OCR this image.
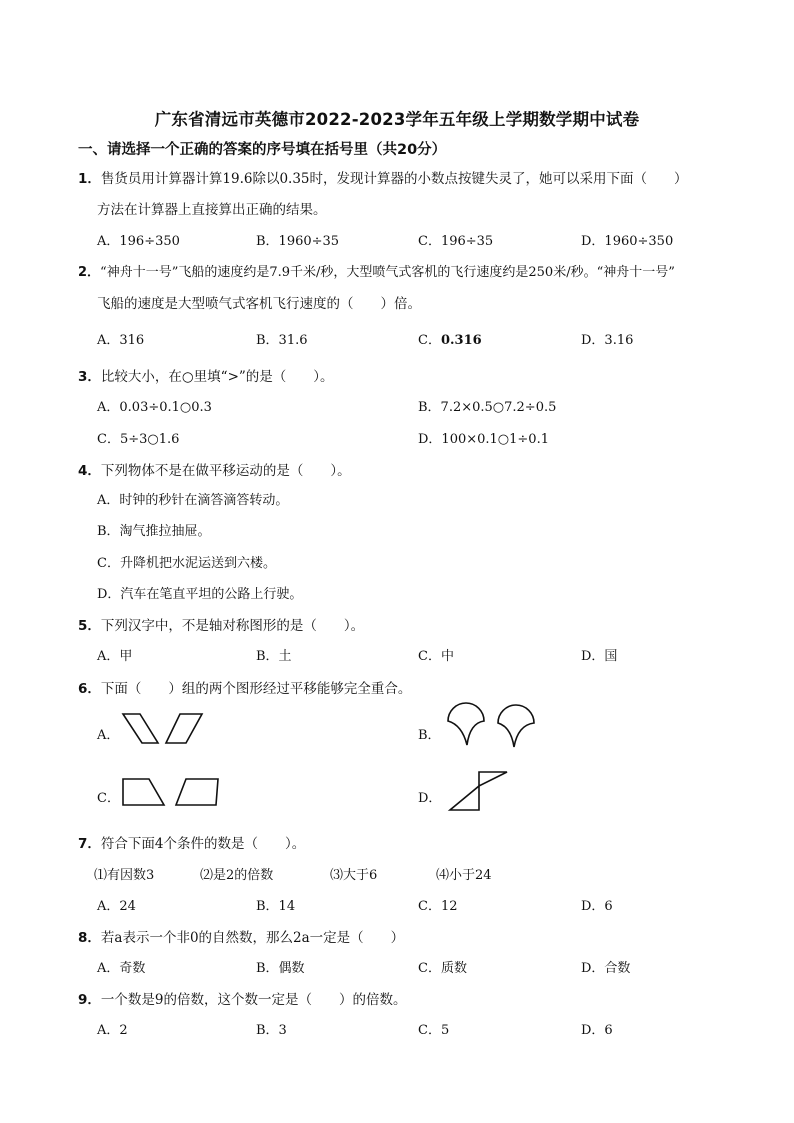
广东省清远市英德市2022-2023学年五年级上学期数学期中试卷
一、请选择一个正确的答案的序号填在括号里（共20分）
1．售货员用计算器计算19.6除以0.35时，发现计算器的小数点按键失灵了，她可以采用下面（　　）
方法在计算器上直接算出正确的结果。
A．196÷350	B．1960÷35	C．196÷35	D．1960÷350
2．“神舟十一号”飞船的速度约是7.9千米/秒，大型喷气式客机的飞行速度约是250米/秒。“神舟十一号”
飞船的速度是大型喷气式客机飞行速度的（　　）倍。
A．316	B．31.6	C．0.316	D．3.16
3．比较大小，在○里填“>”的是（　　）。
A．0.03÷0.1○0.3	B．7.2×0.5○7.2÷0.5
C．5÷3○1.6	D．100×0.1○1÷0.1
4．下列物体不是在做平移运动的是（　　）。
A．时钟的秒针在滴答滴答转动。
B．淘气推拉抽屉。
C．升降机把水泥运送到六楼。
D．汽车在笔直平坦的公路上行驶。
5．下列汉字中，不是轴对称图形的是（　　）。
A．甲	B．土	C．中	D．国
6．下面（　　）组的两个图形经过平移能够完全重合。
A．	B．
C．	D．
7．符合下面4个条件的数是（　　）。
⑴有因数3	⑵是2的倍数	⑶大于6	⑷小于24
A．24	B．14	C．12	D．6
8．若a表示一个非0的自然数，那么2a一定是（　　）
A．奇数	B．偶数	C．质数	D．合数
9．一个数是9的倍数，这个数一定是（　　）的倍数。
A．2	B．3	C．5	D．6
